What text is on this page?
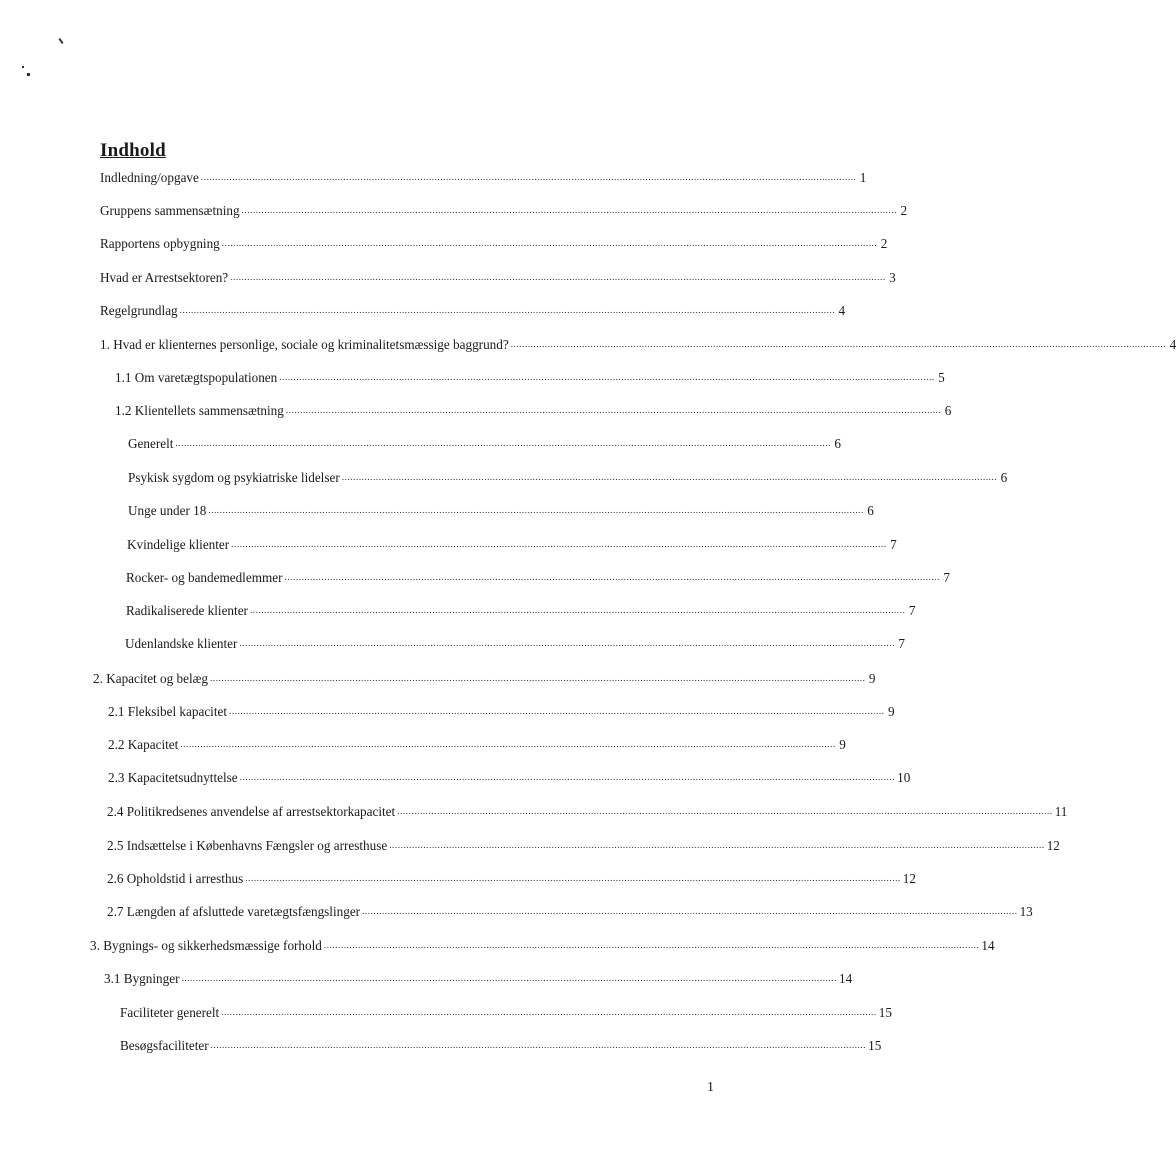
Indhold
Indledning/opgave ...................................................................................................................................................................................................................................... 1
Gruppens sammensætning ...................................................................................................................................................................................................................................... 2
Rapportens opbygning ...................................................................................................................................................................................................................................... 2
Hvad er Arrestsektoren? ...................................................................................................................................................................................................................................... 3
Regelgrundlag ...................................................................................................................................................................................................................................... 4
1. Hvad er klienternes personlige, sociale og kriminalitetsmæssige baggrund? ...................................................................................................................................................................................................................................... 4
1.1 Om varetægtspopulationen ...................................................................................................................................................................................................................................... 5
1.2 Klientellets sammensætning ...................................................................................................................................................................................................................................... 6
Generelt ...................................................................................................................................................................................................................................... 6
Psykisk sygdom og psykiatriske lidelser ...................................................................................................................................................................................................................................... 6
Unge under 18 ...................................................................................................................................................................................................................................... 6
Kvindelige klienter ...................................................................................................................................................................................................................................... 7
Rocker- og bandemedlemmer ...................................................................................................................................................................................................................................... 7
Radikaliserede klienter ...................................................................................................................................................................................................................................... 7
Udenlandske klienter ...................................................................................................................................................................................................................................... 7
2. Kapacitet og belæg ...................................................................................................................................................................................................................................... 9
2.1 Fleksibel kapacitet ...................................................................................................................................................................................................................................... 9
2.2 Kapacitet ...................................................................................................................................................................................................................................... 9
2.3 Kapacitetsudnyttelse ...................................................................................................................................................................................................................................... 10
2.4 Politikredsenes anvendelse af arrestsektorkapacitet ...................................................................................................................................................................................................................................... 11
2.5 Indsættelse i Københavns Fængsler og arresthuse ...................................................................................................................................................................................................................................... 12
2.6 Opholdstid i arresthus ...................................................................................................................................................................................................................................... 12
2.7 Længden af afsluttede varetægtsfængslinger ...................................................................................................................................................................................................................................... 13
3. Bygnings- og sikkerhedsmæssige forhold ...................................................................................................................................................................................................................................... 14
3.1 Bygninger ...................................................................................................................................................................................................................................... 14
Faciliteter generelt ...................................................................................................................................................................................................................................... 15
Besøgsfaciliteter ...................................................................................................................................................................................................................................... 15
1
